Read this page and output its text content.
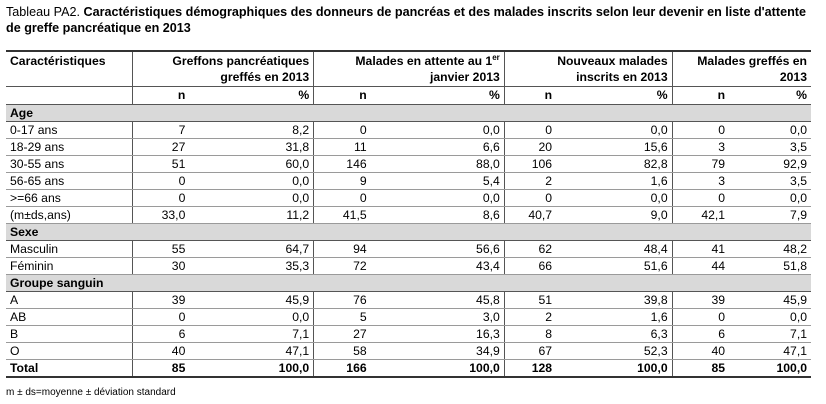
Tableau PA2. Caractéristiques démographiques des donneurs de pancréas et des malades inscrits selon leur devenir en liste d'attente de greffe pancréatique en 2013
Caractéristiques	Greffons pancréatiques greffés en 2013		Malades en attente au 1er janvier 2013		Nouveaux malades inscrits en 2013		Malades greffés en 2013	
	n	%	n	%	n	%	n	%
Age								
0-17 ans	7	8,2	0	0,0	0	0,0	0	0,0
18-29 ans	27	31,8	11	6,6	20	15,6	3	3,5
30-55 ans	51	60,0	146	88,0	106	82,8	79	92,9
56-65 ans	0	0,0	9	5,4	2	1,6	3	3,5
>=66 ans	0	0,0	0	0,0	0	0,0	0	0,0
(m±ds,ans)	33,0	11,2	41,5	8,6	40,7	9,0	42,1	7,9
Sexe								
Masculin	55	64,7	94	56,6	62	48,4	41	48,2
Féminin	30	35,3	72	43,4	66	51,6	44	51,8
Groupe sanguin								
A	39	45,9	76	45,8	51	39,8	39	45,9
AB	0	0,0	5	3,0	2	1,6	0	0,0
B	6	7,1	27	16,3	8	6,3	6	7,1
O	40	47,1	58	34,9	67	52,3	40	47,1
Total	85	100,0	166	100,0	128	100,0	85	100,0
m ± ds=moyenne ± déviation standard
